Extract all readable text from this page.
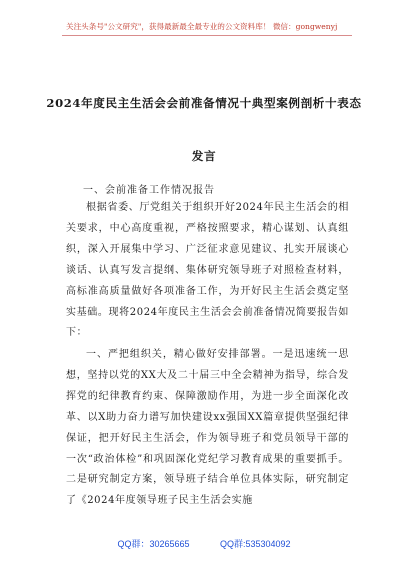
关注头条号"公文研究"，获得最新最全最专业的公文资料库！ 微信：gongwenyj
2024年度民主生活会会前准备情况十典型案例剖析十表态
发言
一、会前准备工作情况报告
根据省委、厅党组关于组织开好2024年民主生活会的相关要求，中心高度重视，严格按照要求，精心谋划、认真组织，深入开展集中学习、广泛征求意见建议、扎实开展谈心谈话、认真写发言提纲、集体研究领导班子对照检查材料，高标准高质量做好各项准备工作，为开好民主生活会奠定坚实基础。现将2024年度民主生活会会前准备情况简要报告如下：
一、严把组织关，精心做好安排部署。一是迅速统一思想，坚持以党的XX大及二十届三中全会精神为指导，综合发挥党的纪律教育约束、保障激励作用，为进一步全面深化改革、以X助力奋力谱写加快建设xx强国XX篇章提供坚强纪律保证，把开好民主生活会，作为领导班子和党员领导干部的一次“政治体检”和巩固深化党纪学习教育成果的重要抓手。二是研究制定方案，领导班子结合单位具体实际，研究制定了《2024年度领导班子民主生活会实施
QQ群：30265665	QQ群:535304092
